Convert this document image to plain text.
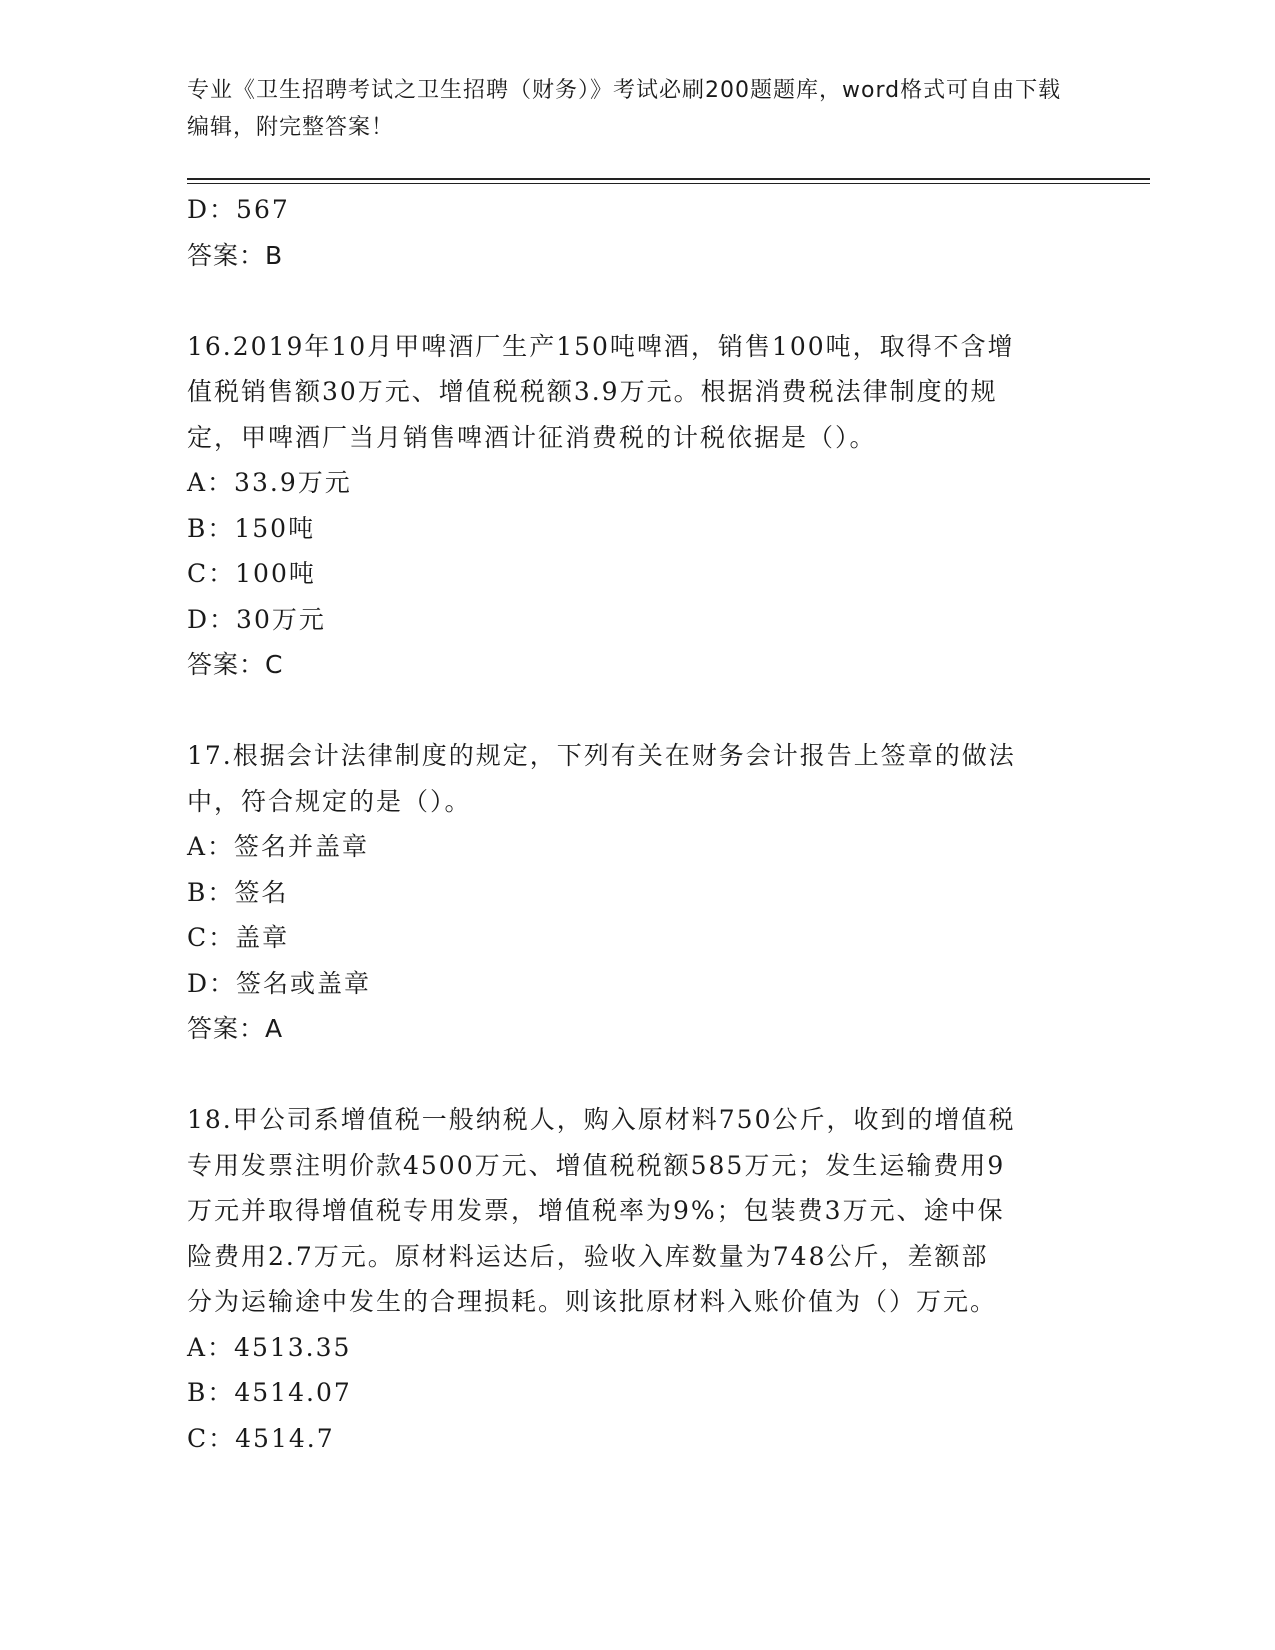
专业《卫生招聘考试之卫生招聘（财务）》考试必刷200题题库，word格式可自由下载编辑，附完整答案！
D：567
答案：B
16.2019年10月甲啤酒厂生产150吨啤酒，销售100吨，取得不含增
值税销售额30万元、增值税税额3.9万元。根据消费税法律制度的规
定，甲啤酒厂当月销售啤酒计征消费税的计税依据是（）。
A：33.9万元
B：150吨
C：100吨
D：30万元
答案：C
17.根据会计法律制度的规定，下列有关在财务会计报告上签章的做法
中，符合规定的是（）。
A：签名并盖章
B：签名
C：盖章
D：签名或盖章
答案：A
18.甲公司系增值税一般纳税人，购入原材料750公斤，收到的增值税
专用发票注明价款4500万元、增值税税额585万元；发生运输费用9
万元并取得增值税专用发票，增值税率为9%；包装费3万元、途中保
险费用2.7万元。原材料运达后，验收入库数量为748公斤，差额部
分为运输途中发生的合理损耗。则该批原材料入账价值为（）万元。
A：4513.35
B：4514.07
C：4514.7
